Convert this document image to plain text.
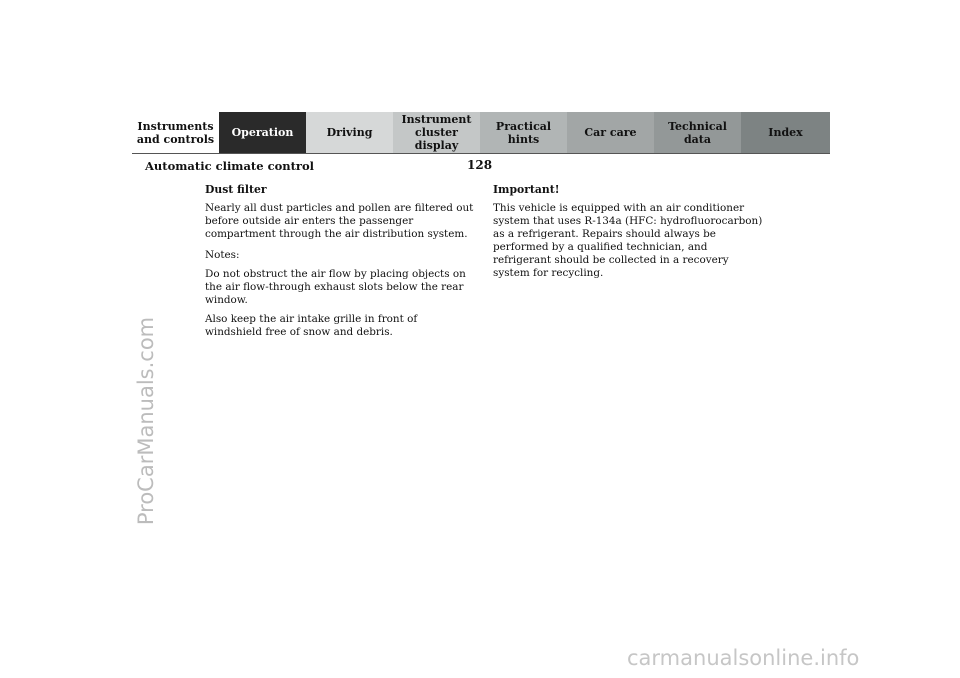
Instruments
and controls Operation	Driving
Instrument
cluster display
Practical hints	Car care	Technical
data	Index
Automatic climate control	128
Dust filter

Nearly all dust particles and pollen are filtered out before outside air enters the passenger compartment through the air distribution system.

Notes:

Do not obstruct the air flow by placing objects on the air flow-through exhaust slots below the rear window.

Also keep the air intake grille in front of windshield free of snow and debris.

Important!

This vehicle is equipped with an air conditioner system that uses R-134a (HFC: hydrofluorocarbon) as a refrigerant. Repairs should always be performed by a qualified technician, and refrigerant should be collected in a recovery system for recycling.

ProCarManuals.com
carmanualsonline.info
